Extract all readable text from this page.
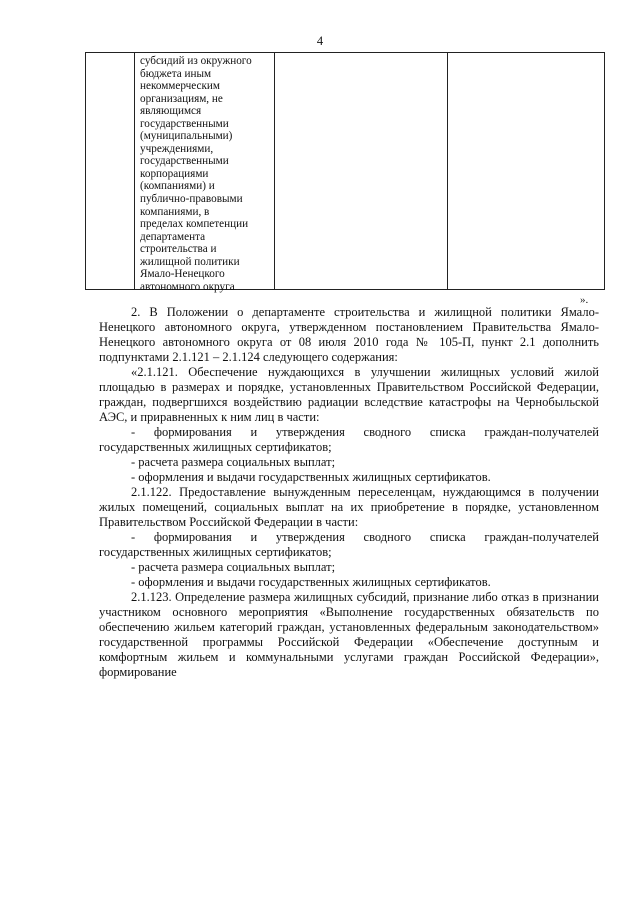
4
субсидий из окружного
бюджета иным
некоммерческим
организациям, не
являющимся
государственными
(муниципальными)
учреждениями,
государственными
корпорациями
(компаниями) и
публично-правовыми
компаниями, в
пределах компетенции
департамента
строительства и
жилищной политики
Ямало-Ненецкого
автономного округа
».

2. В Положении о департаменте строительства и жилищной политики Ямало-Ненецкого автономного округа, утвержденном постановлением Правительства Ямало-Ненецкого автономного округа от 08 июля 2010 года № 105-П, пункт 2.1 дополнить подпунктами 2.1.121 – 2.1.124 следующего содержания:

«2.1.121. Обеспечение нуждающихся в улучшении жилищных условий жилой площадью в размерах и порядке, установленных Правительством Российской Федерации, граждан, подвергшихся воздействию радиации вследствие катастрофы на Чернобыльской АЭС, и приравненных к ним лиц в части:

- формирования и утверждения сводного списка граждан-получателей государственных жилищных сертификатов;

- расчета размера социальных выплат;

- оформления и выдачи государственных жилищных сертификатов.

2.1.122. Предоставление вынужденным переселенцам, нуждающимся в получении жилых помещений, социальных выплат на их приобретение в порядке, установленном Правительством Российской Федерации в части:

- формирования и утверждения сводного списка граждан-получателей государственных жилищных сертификатов;

- расчета размера социальных выплат;

- оформления и выдачи государственных жилищных сертификатов.

2.1.123. Определение размера жилищных субсидий, признание либо отказ в признании участником основного мероприятия «Выполнение государственных обязательств по обеспечению жильем категорий граждан, установленных федеральным законодательством» государственной программы Российской Федерации «Обеспечение доступным и комфортным жильем и коммунальными услугами граждан Российской Федерации», формирование
